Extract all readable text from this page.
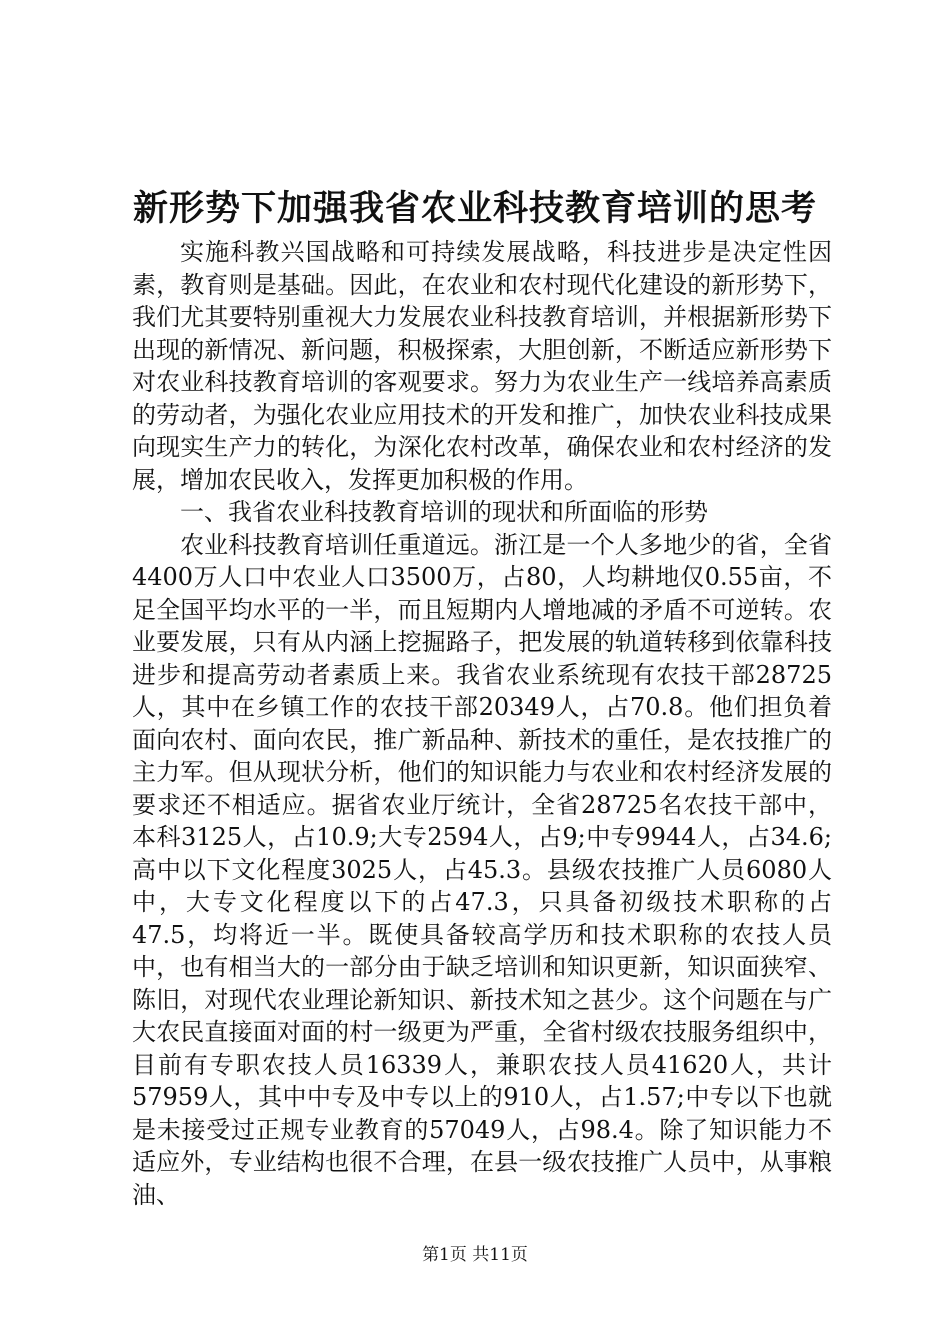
新形势下加强我省农业科技教育培训的思考

实施科教兴国战略和可持续发展战略，科技进步是决定性因素，教育则是基础。因此，在农业和农村现代化建设的新形势下，我们尤其要特别重视大力发展农业科技教育培训，并根据新形势下出现的新情况、新问题，积极探索，大胆创新，不断适应新形势下对农业科技教育培训的客观要求。努力为农业生产一线培养高素质的劳动者，为强化农业应用技术的开发和推广，加快农业科技成果向现实生产力的转化，为深化农村改革，确保农业和农村经济的发展，增加农民收入，发挥更加积极的作用。

一、我省农业科技教育培训的现状和所面临的形势

农业科技教育培训任重道远。浙江是一个人多地少的省，全省4400万人口中农业人口3500万，占80，人均耕地仅0.55亩，不足全国平均水平的一半，而且短期内人增地减的矛盾不可逆转。农业要发展，只有从内涵上挖掘路子，把发展的轨道转移到依靠科技进步和提高劳动者素质上来。我省农业系统现有农技干部28725人，其中在乡镇工作的农技干部20349人，占70.8。他们担负着面向农村、面向农民，推广新品种、新技术的重任，是农技推广的主力军。但从现状分析，他们的知识能力与农业和农村经济发展的要求还不相适应。据省农业厅统计，全省28725名农技干部中，本科3125人，占10.9;大专2594人，占9;中专9944人，占34.6;高中以下文化程度3025人，占45.3。县级农技推广人员6080人中，大专文化程度以下的占47.3，只具备初级技术职称的占47.5，均将近一半。既使具备较高学历和技术职称的农技人员中，也有相当大的一部分由于缺乏培训和知识更新，知识面狭窄、陈旧，对现代农业理论新知识、新技术知之甚少。这个问题在与广大农民直接面对面的村一级更为严重，全省村级农技服务组织中，目前有专职农技人员16339人，兼职农技人员41620人，共计57959人，其中中专及中专以上的910人，占1.57;中专以下也就是未接受过正规专业教育的57049人，占98.4。除了知识能力不适应外，专业结构也很不合理，在县一级农技推广人员中，从事粮油、

第1页 共11页
